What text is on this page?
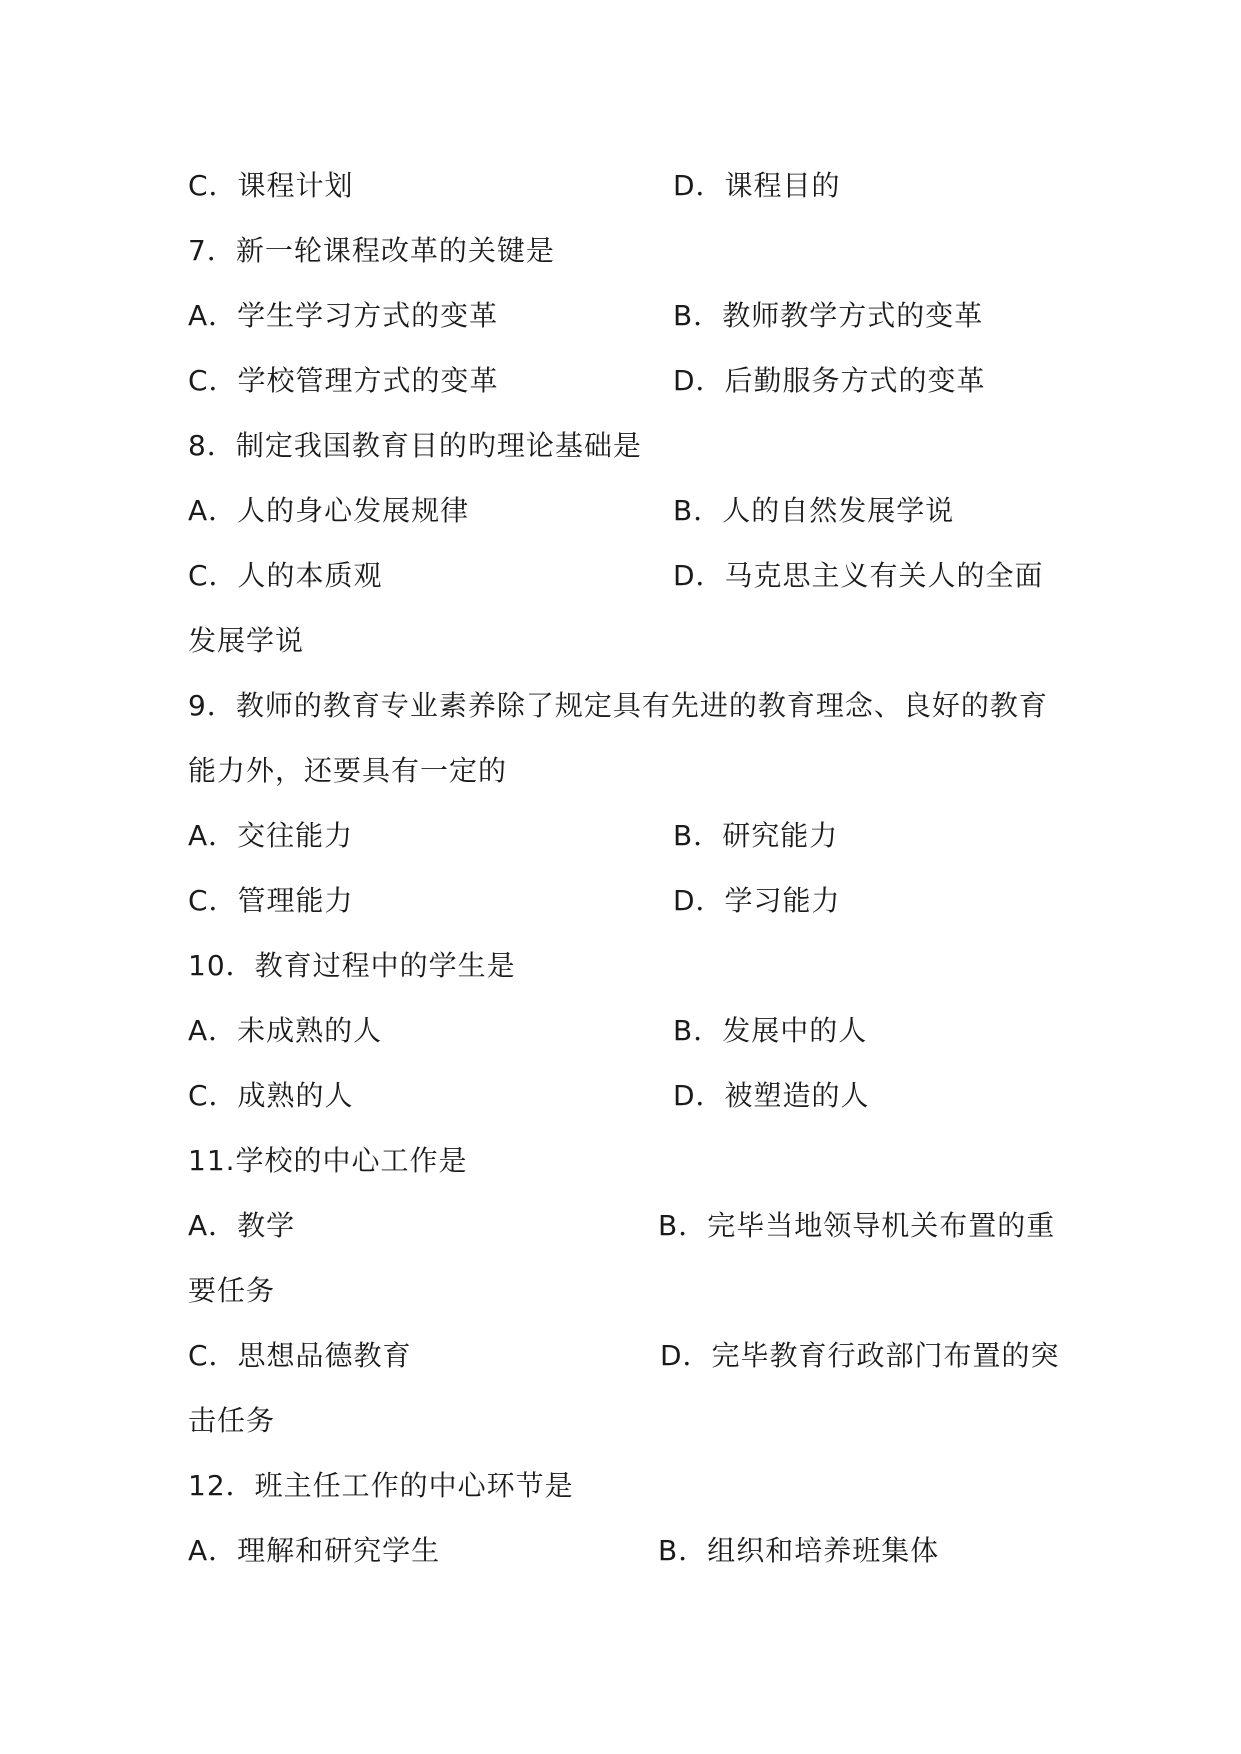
C．课程计划	D．课程目的
7．新一轮课程改革的关键是
A．学生学习方式的变革	B．教师教学方式的变革
C．学校管理方式的变革	D．后勤服务方式的变革
8．制定我国教育目的旳理论基础是
A．人的身心发展规律	B．人的自然发展学说
C．人的本质观	D．马克思主义有关人的全面
发展学说
9．教师的教育专业素养除了规定具有先进的教育理念、良好的教育
能力外，还要具有一定的
A．交往能力	B．研究能力
C．管理能力	D．学习能力
10．教育过程中的学生是
A．未成熟的人	B．发展中的人
C．成熟的人	D．被塑造的人
11.学校的中心工作是
A．教学	B．完毕当地领导机关布置的重
要任务
C．思想品德教育	D．完毕教育行政部门布置的突
击任务
12．班主任工作的中心环节是
A．理解和研究学生	B．组织和培养班集体
